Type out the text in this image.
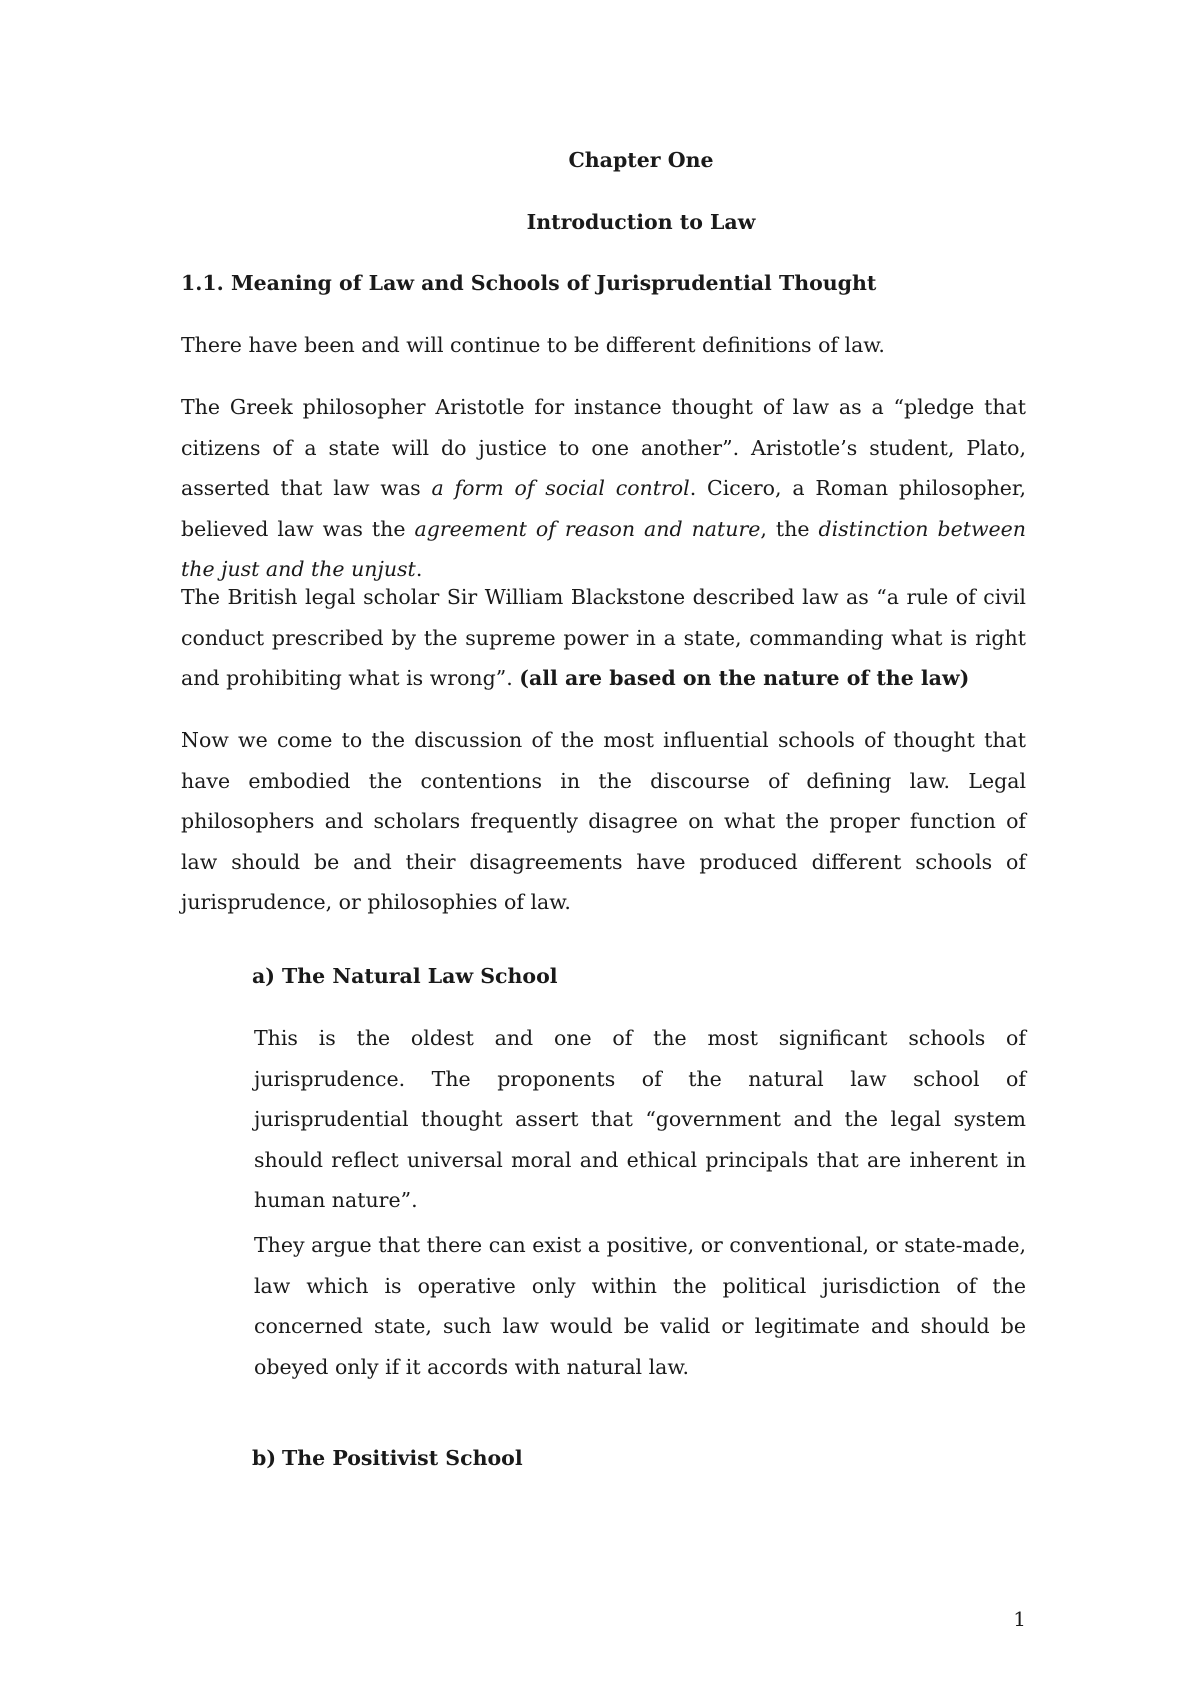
Chapter One

Introduction to Law

1.1. Meaning of Law and Schools of Jurisprudential Thought

There have been and will continue to be different definitions of law.

The Greek philosopher Aristotle for instance thought of law as a “pledge that citizens of a state will do justice to one another”. Aristotle’s student, Plato, asserted that law was a form of social control. Cicero, a Roman philosopher, believed law was the agreement of reason and nature, the distinction between the just and the unjust.

The British legal scholar Sir William Blackstone described law as “a rule of civil conduct prescribed by the supreme power in a state, commanding what is right and prohibiting what is wrong”. (all are based on the nature of the law)

Now we come to the discussion of the most influential schools of thought that have embodied the contentions in the discourse of defining law. Legal philosophers and scholars frequently disagree on what the proper function of law should be and their disagreements have produced different schools of jurisprudence, or philosophies of law.

a) The Natural Law School

This is the oldest and one of the most significant schools of jurisprudence. The proponents of the natural law school of jurisprudential thought assert that “government and the legal system should reflect universal moral and ethical principals that are inherent in human nature”.

They argue that there can exist a positive, or conventional, or state-made, law which is operative only within the political jurisdiction of the concerned state, such law would be valid or legitimate and should be obeyed only if it accords with natural law.

b) The Positivist School

1
